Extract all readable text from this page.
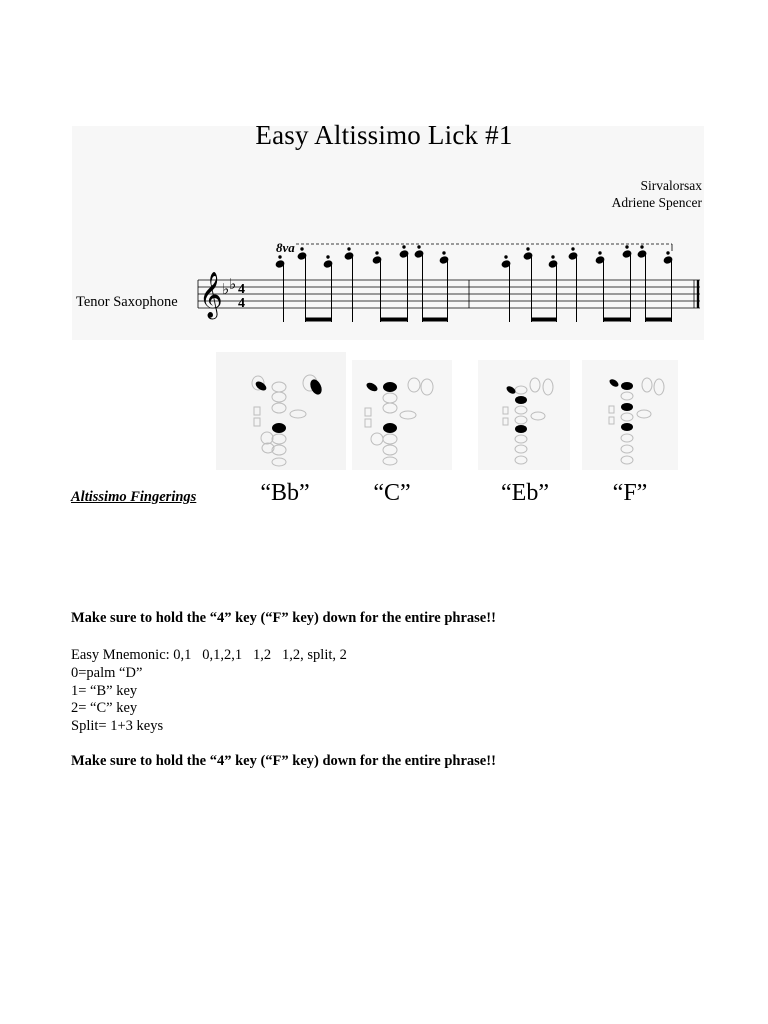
Easy Altissimo Lick #1
Sirvalorsax
Adriene Spencer
Tenor Saxophone
8va
𝄞 ♭ ♭ 4
4
Altissimo Fingerings	“Bb”	“C”	“Eb”	“F”
Make sure to hold the “4” key (“F” key) down for the entire phrase!!
Easy Mnemonic: 0,1   0,1,2,1   1,2   1,2, split, 2
0=palm “D”
1= “B” key
2= “C” key
Split= 1+3 keys
Make sure to hold the “4” key (“F” key) down for the entire phrase!!
